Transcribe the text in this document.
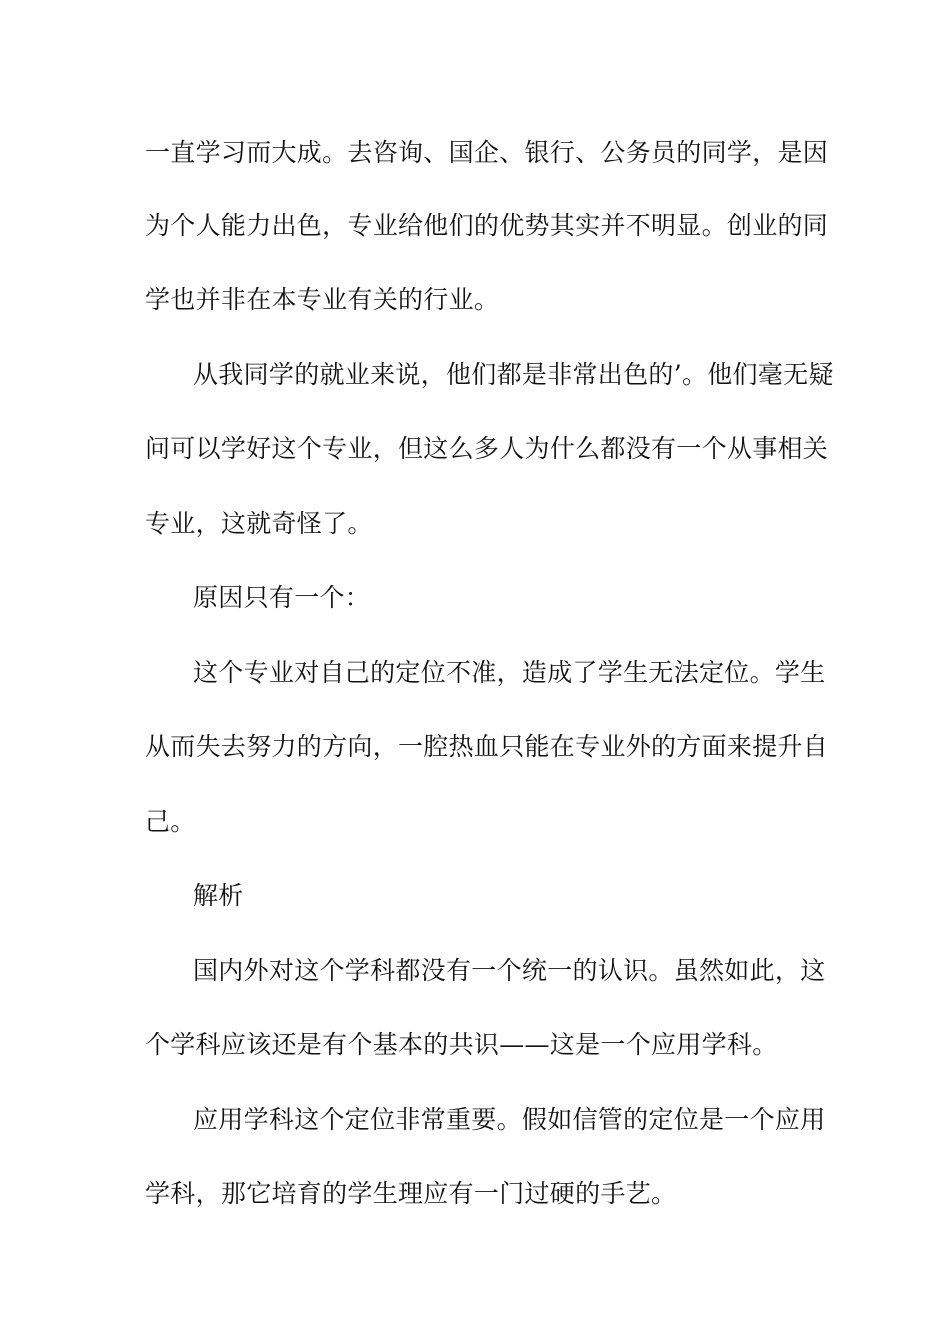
一直学习而大成。去咨询、国企、银行、公务员的同学，是因
为个人能力出色，专业给他们的优势其实并不明显。创业的同
学也并非在本专业有关的行业。
从我同学的就业来说，他们都是非常出色的’。他们毫无疑
问可以学好这个专业，但这么多人为什么都没有一个从事相关
专业，这就奇怪了。
原因只有一个：
这个专业对自己的定位不准，造成了学生无法定位。学生
从而失去努力的方向，一腔热血只能在专业外的方面来提升自
己。
解析
国内外对这个学科都没有一个统一的认识。虽然如此，这
个学科应该还是有个基本的共识——这是一个应用学科。
应用学科这个定位非常重要。假如信管的定位是一个应用
学科，那它培育的学生理应有一门过硬的手艺。
